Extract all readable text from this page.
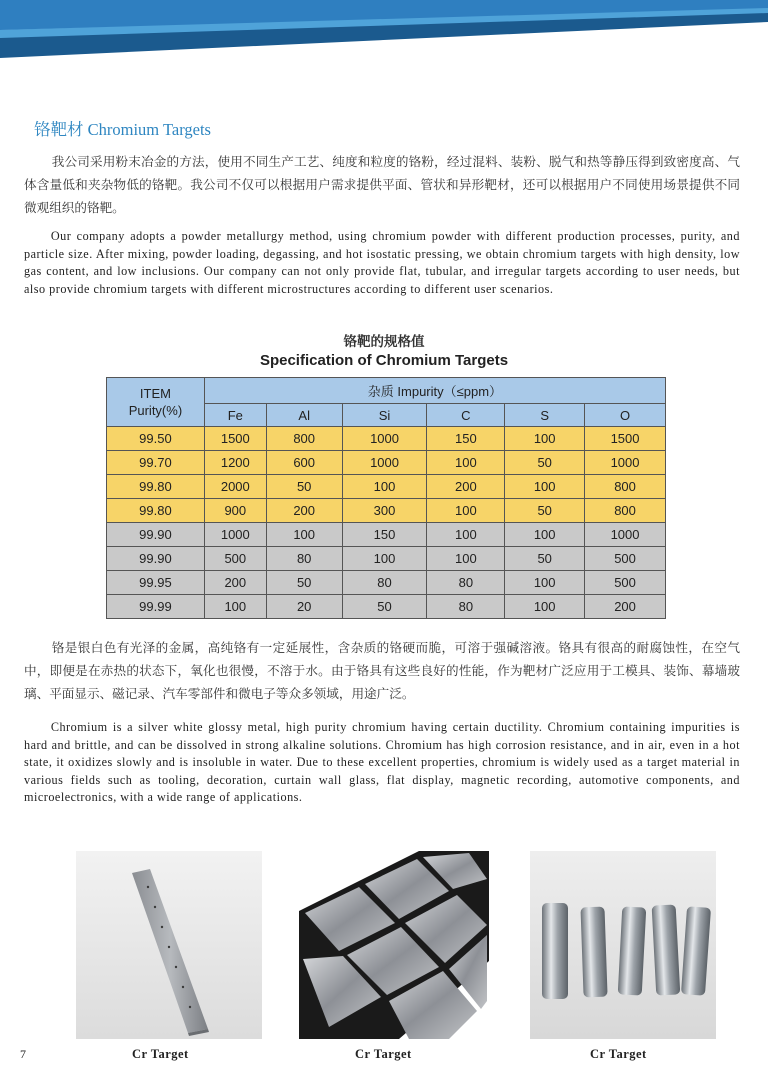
铬靶材 Chromium Targets
我公司采用粉末冶金的方法，使用不同生产工艺、纯度和粒度的铬粉，经过混料、装粉、脱气和热等静压得到致密度高、气体含量低和夹杂物低的铬靶。我公司不仅可以根据用户需求提供平面、管状和异形靶材，还可以根据用户不同使用场景提供不同微观组织的铬靶。
Our company adopts a powder metallurgy method, using chromium powder with different production processes, purity, and particle size. After mixing, powder loading, degassing, and hot isostatic pressing, we obtain chromium targets with high density, low gas content, and low inclusions. Our company can not only provide flat, tubular, and irregular targets according to user needs, but also provide chromium targets with different microstructures according to different user scenarios.
铬靶的规格值
Specification of Chromium Targets
ITEM
Purity(%)	杂质 Impurity（≤ppm）					
	Fe	Al	Si	C	S	O
99.50	1500	800	1000	150	100	1500
99.70	1200	600	1000	100	50	1000
99.80	2000	50	100	200	100	800
99.80	900	200	300	100	50	800
99.90	1000	100	150	100	100	1000
99.90	500	80	100	100	50	500
99.95	200	50	80	80	100	500
99.99	100	20	50	80	100	200
铬是银白色有光泽的金属，高纯铬有一定延展性，含杂质的铬硬而脆，可溶于强碱溶液。铬具有很高的耐腐蚀性，在空气中，即便是在赤热的状态下，氧化也很慢，不溶于水。由于铬具有这些良好的性能，作为靶材广泛应用于工模具、装饰、幕墙玻璃、平面显示、磁记录、汽车零部件和微电子等众多领域，用途广泛。
Chromium is a silver white glossy metal, high purity chromium having certain ductility. Chromium containing impurities is hard and brittle, and can be dissolved in strong alkaline solutions. Chromium has high corrosion resistance, and in air, even in a hot state, it oxidizes slowly and is insoluble in water. Due to these excellent properties, chromium is widely used as a target material in various fields such as tooling, decoration, curtain wall glass, flat display, magnetic recording, automotive components, and microelectronics, with a wide range of applications.
7	Cr Target	Cr Target	Cr Target
